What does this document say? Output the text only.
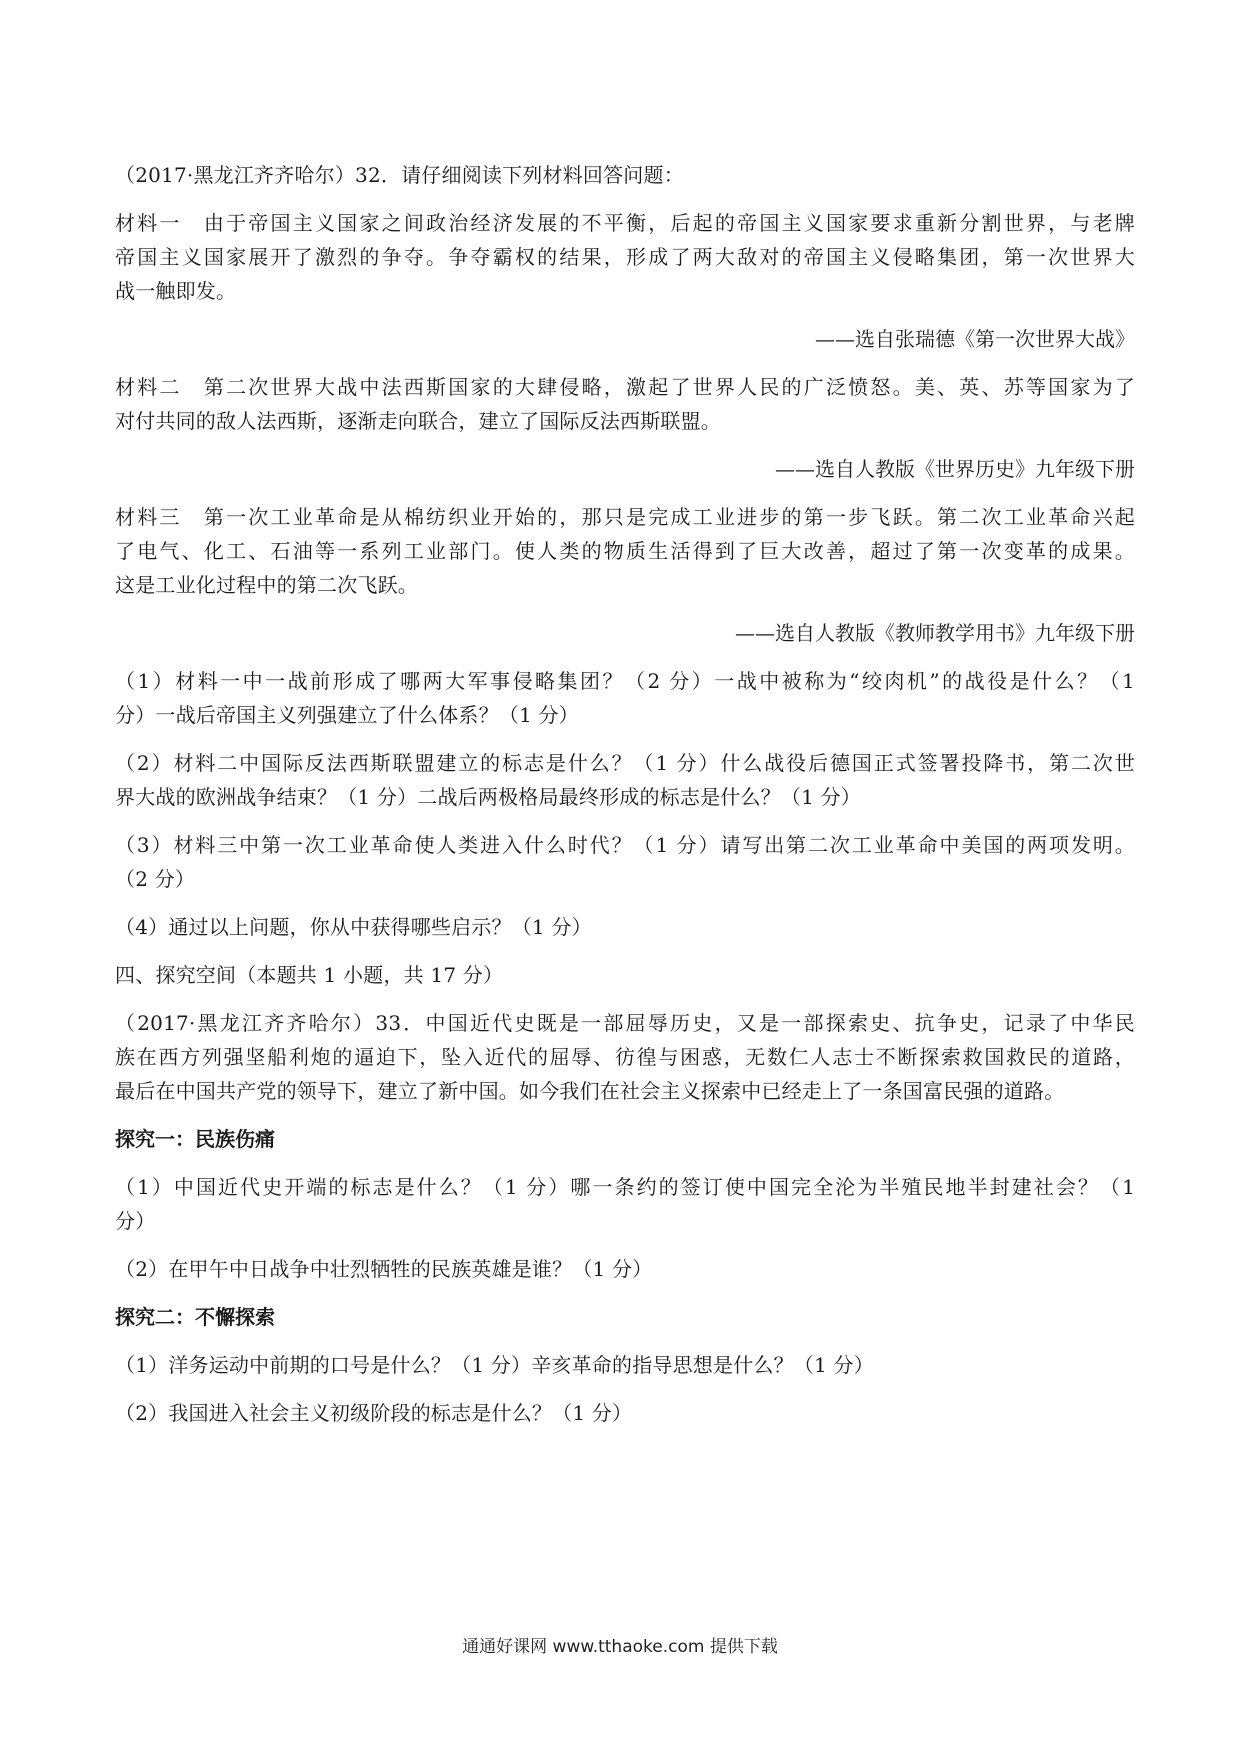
（2017·黑龙江齐齐哈尔）32．请仔细阅读下列材料回答问题：
材料一　由于帝国主义国家之间政治经济发展的不平衡，后起的帝国主义国家要求重新分割世界，与老牌
帝国主义国家展开了激烈的争夺。争夺霸权的结果，形成了两大敌对的帝国主义侵略集团，第一次世界大
战一触即发。
——选自张瑞德《第一次世界大战》
材料二　第二次世界大战中法西斯国家的大肆侵略，激起了世界人民的广泛愤怒。美、英、苏等国家为了
对付共同的敌人法西斯，逐渐走向联合，建立了国际反法西斯联盟。
——选自人教版《世界历史》九年级下册
材料三　第一次工业革命是从棉纺织业开始的，那只是完成工业进步的第一步飞跃。第二次工业革命兴起
了电气、化工、石油等一系列工业部门。使人类的物质生活得到了巨大改善，超过了第一次变革的成果。
这是工业化过程中的第二次飞跃。
——选自人教版《教师教学用书》九年级下册
（1）材料一中一战前形成了哪两大军事侵略集团？（2 分）一战中被称为“绞肉机”的战役是什么？（1
分）一战后帝国主义列强建立了什么体系？（1 分）
（2）材料二中国际反法西斯联盟建立的标志是什么？（1 分）什么战役后德国正式签署投降书，第二次世
界大战的欧洲战争结束？（1 分）二战后两极格局最终形成的标志是什么？（1 分）
（3）材料三中第一次工业革命使人类进入什么时代？（1 分）请写出第二次工业革命中美国的两项发明。
（2 分）
（4）通过以上问题，你从中获得哪些启示？（1 分）
四、探究空间（本题共 1 小题，共 17 分）
（2017·黑龙江齐齐哈尔）33．中国近代史既是一部屈辱历史，又是一部探索史、抗争史，记录了中华民
族在西方列强坚船利炮的逼迫下，坠入近代的屈辱、彷徨与困惑，无数仁人志士不断探索救国救民的道路，
最后在中国共产党的领导下，建立了新中国。如今我们在社会主义探索中已经走上了一条国富民强的道路。
探究一：民族伤痛
（1）中国近代史开端的标志是什么？（1 分）哪一条约的签订使中国完全沦为半殖民地半封建社会？（1
分）
（2）在甲午中日战争中壮烈牺牲的民族英雄是谁？（1 分）
探究二：不懈探索
（1）洋务运动中前期的口号是什么？（1 分）辛亥革命的指导思想是什么？（1 分）
（2）我国进入社会主义初级阶段的标志是什么？（1 分）
通通好课网 www.tthaoke.com 提供下载
